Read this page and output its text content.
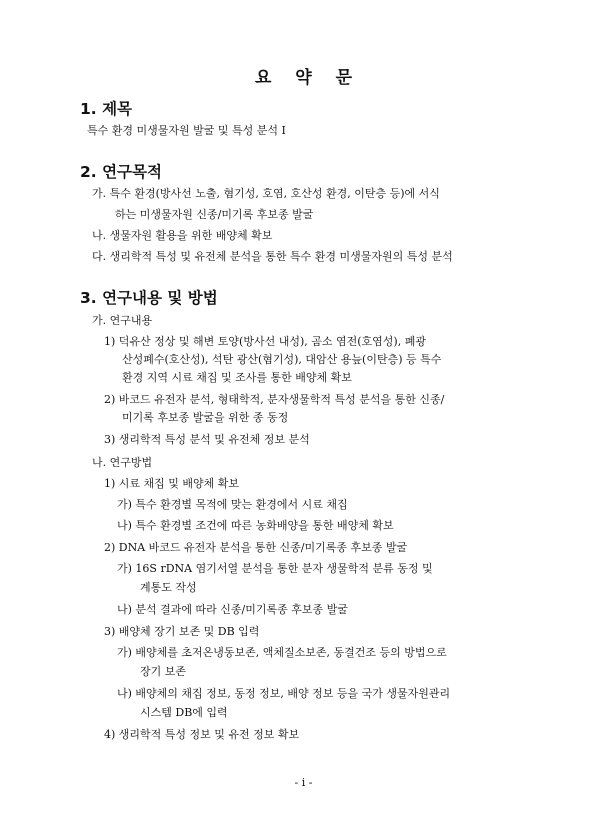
요 약 문
1. 제목
특수 환경 미생물자원 발굴 및 특성 분석 I
2. 연구목적
가. 특수 환경(방사선 노출, 혐기성, 호염, 호산성 환경, 이탄층 등)에 서식
하는 미생물자원 신종/미기록 후보종 발굴
나. 생물자원 활용을 위한 배양체 확보
다. 생리학적 특성 및 유전체 분석을 통한 특수 환경 미생물자원의 특성 분석
3. 연구내용 및 방법
가. 연구내용
1) 덕유산 정상 및 해변 토양(방사선 내성), 곰소 염전(호염성), 폐광
산성폐수(호산성), 석탄 광산(혐기성), 대암산 용늪(이탄층) 등 특수
환경 지역 시료 채집 및 조사를 통한 배양체 확보
2) 바코드 유전자 분석, 형태학적, 분자생물학적 특성 분석을 통한 신종/
미기록 후보종 발굴을 위한 종 동정
3) 생리학적 특성 분석 및 유전체 정보 분석
나. 연구방법
1) 시료 채집 및 배양체 확보
가) 특수 환경별 목적에 맞는 환경에서 시료 채집
나) 특수 환경별 조건에 따른 농화배양을 통한 배양체 확보
2) DNA 바코드 유전자 분석을 통한 신종/미기록종 후보종 발굴
가) 16S rDNA 염기서열 분석을 통한 분자 생물학적 분류 동정 및
계통도 작성
나) 분석 결과에 따라 신종/미기록종 후보종 발굴
3) 배양체 장기 보존 및 DB 입력
가) 배양체를 초저온냉동보존, 액체질소보존, 동결건조 등의 방법으로
장기 보존
나) 배양체의 채집 정보, 동정 정보, 배양 정보 등을 국가 생물자원관리
시스템 DB에 입력
4) 생리학적 특성 정보 및 유전 정보 확보
- i -
